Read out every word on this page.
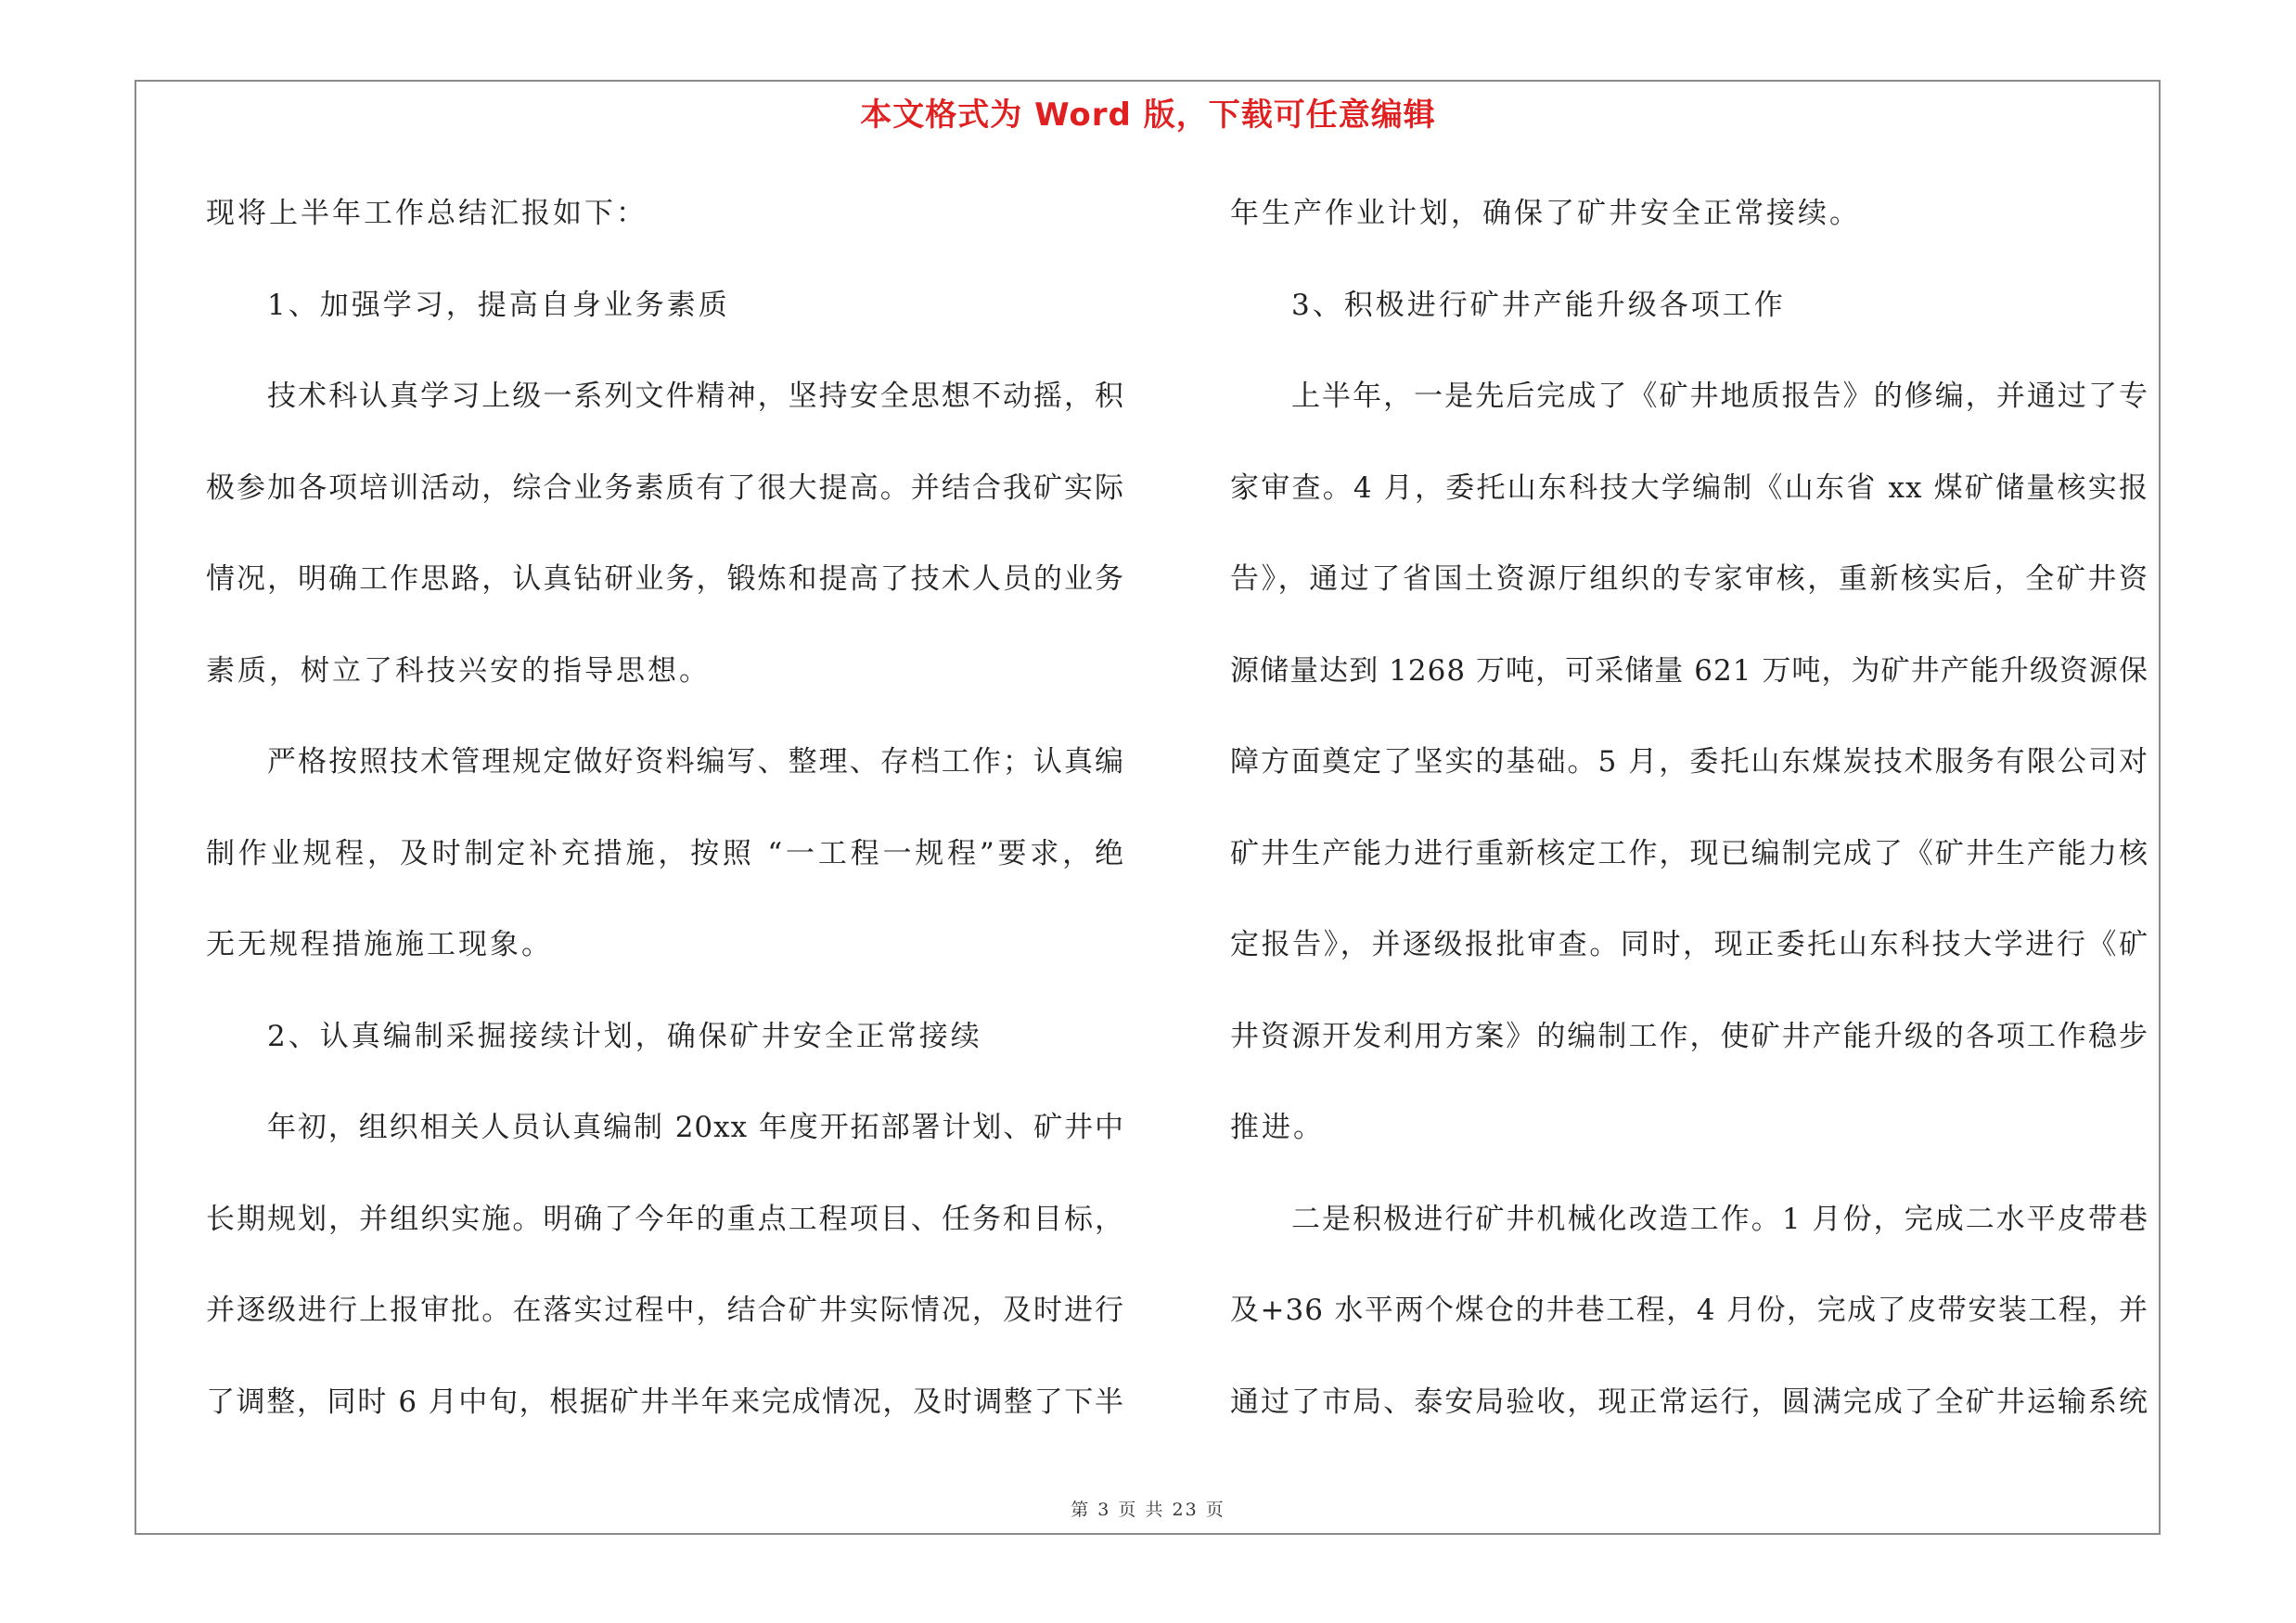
本文格式为 Word 版，下载可任意编辑
现将上半年工作总结汇报如下：
1、加强学习，提高自身业务素质
技术科认真学习上级一系列文件精神，坚持安全思想不动摇，积
极参加各项培训活动，综合业务素质有了很大提高。并结合我矿实际
情况，明确工作思路，认真钻研业务，锻炼和提高了技术人员的业务
素质，树立了科技兴安的指导思想。
严格按照技术管理规定做好资料编写、整理、存档工作；认真编
制作业规程，及时制定补充措施，按照 “一工程一规程”要求，绝
无无规程措施施工现象。
2、认真编制采掘接续计划，确保矿井安全正常接续
年初，组织相关人员认真编制 20xx 年度开拓部署计划、矿井中
长期规划，并组织实施。明确了今年的重点工程项目、任务和目标，
并逐级进行上报审批。在落实过程中，结合矿井实际情况，及时进行
了调整，同时 6 月中旬，根据矿井半年来完成情况，及时调整了下半
年生产作业计划，确保了矿井安全正常接续。
3、积极进行矿井产能升级各项工作
上半年，一是先后完成了《矿井地质报告》的修编，并通过了专
家审查。4 月，委托山东科技大学编制《山东省 xx 煤矿储量核实报
告》，通过了省国土资源厅组织的专家审核，重新核实后，全矿井资
源储量达到 1268 万吨，可采储量 621 万吨，为矿井产能升级资源保
障方面奠定了坚实的基础。5 月，委托山东煤炭技术服务有限公司对
矿井生产能力进行重新核定工作，现已编制完成了《矿井生产能力核
定报告》，并逐级报批审查。同时，现正委托山东科技大学进行《矿
井资源开发利用方案》的编制工作，使矿井产能升级的各项工作稳步
推进。
二是积极进行矿井机械化改造工作。1 月份，完成二水平皮带巷
及+36 水平两个煤仓的井巷工程，4 月份，完成了皮带安装工程，并
通过了市局、泰安局验收，现正常运行，圆满完成了全矿井运输系统
第 3 页 共 23 页
